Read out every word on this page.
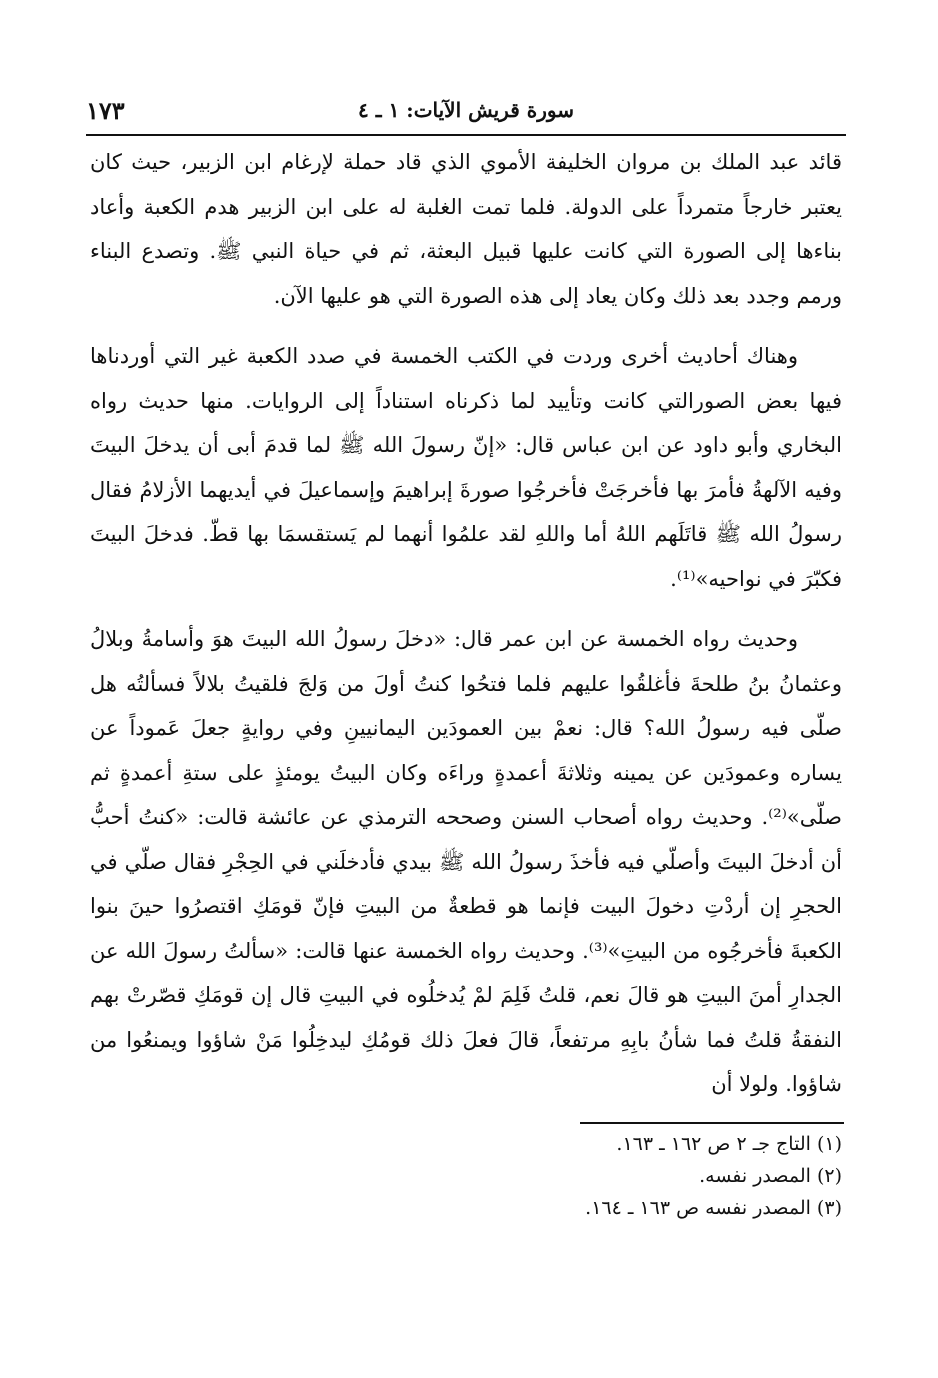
سورة قريش الآيات: ١ ـ ٤
١٧٣

قائد عبد الملك بن مروان الخليفة الأموي الذي قاد حملة لإرغام ابن الزبير، حيث كان يعتبر خارجاً متمرداً على الدولة. فلما تمت الغلبة له على ابن الزبير هدم الكعبة وأعاد بناءها إلى الصورة التي كانت عليها قبيل البعثة، ثم في حياة النبي ﷺ. وتصدع البناء ورمم وجدد بعد ذلك وكان يعاد إلى هذه الصورة التي هو عليها الآن.

وهناك أحاديث أخرى وردت في الكتب الخمسة في صدد الكعبة غير التي أوردناها فيها بعض الصورالتي كانت وتأييد لما ذكرناه استناداً إلى الروايات. منها حديث رواه البخاري وأبو داود عن ابن عباس قال: «إنّ رسولَ الله ﷺ لما قدمَ أبى أن يدخلَ البيتَ وفيه الآلهةُ فأمرَ بها فأخرجَتْ فأخرجُوا صورةَ إبراهيمَ وإسماعيلَ في أيديهما الأزلامُ فقال رسولُ الله ﷺ قاتَلَهم اللهُ أما واللهِ لقد علمُوا أنهما لم يَستقسمَا بها قطّ. فدخلَ البيتَ فكبّرَ في نواحيه»⁽¹⁾.

وحديث رواه الخمسة عن ابن عمر قال: «دخلَ رسولُ الله البيتَ هوَ وأسامةُ وبلالُ وعثمانُ بنُ طلحةَ فأغلقُوا عليهم فلما فتحُوا كنتُ أولَ من وَلجَ فلقيتُ بلالاً فسألتُه هل صلّى فيه رسولُ الله؟ قال: نعمْ بين العمودَين اليمانيينِ وفي روايةٍ جعلَ عَموداً عن يساره وعمودَين عن يمينه وثلاثةَ أعمدةٍ وراءَه وكان البيتُ يومئذٍ على ستةِ أعمدةٍ ثم صلّى»⁽²⁾. وحديث رواه أصحاب السنن وصححه الترمذي عن عائشة قالت: «كنتُ أحبُّ أن أدخلَ البيتَ وأصلّي فيه فأخذَ رسولُ الله ﷺ بيدي فأدخلَني في الحِجْرِ فقال صلّي في الحجرِ إن أردْتِ دخولَ البيت فإنما هو قطعةٌ من البيتِ فإنّ قومَكِ اقتصرُوا حينَ بنوا الكعبةَ فأخرجُوه من البيتِ»⁽³⁾. وحديث رواه الخمسة عنها قالت: «سألتُ رسولَ الله عن الجدارِ أمنَ البيتِ هو قالَ نعم، قلتُ فَلِمَ لمْ يُدخلُوه في البيتِ قال إن قومَكِ قصّرتْ بهم النفقةُ قلتُ فما شأنُ بابِهِ مرتفعاً، قالَ فعلَ ذلك قومُكِ ليدخِلُوا مَنْ شاؤوا ويمنعُوا من شاؤوا. ولولا أن

(١) التاج جـ ٢ ص ١٦٢ ـ ١٦٣.
(٢) المصدر نفسه.
(٣) المصدر نفسه ص ١٦٣ ـ ١٦٤.
